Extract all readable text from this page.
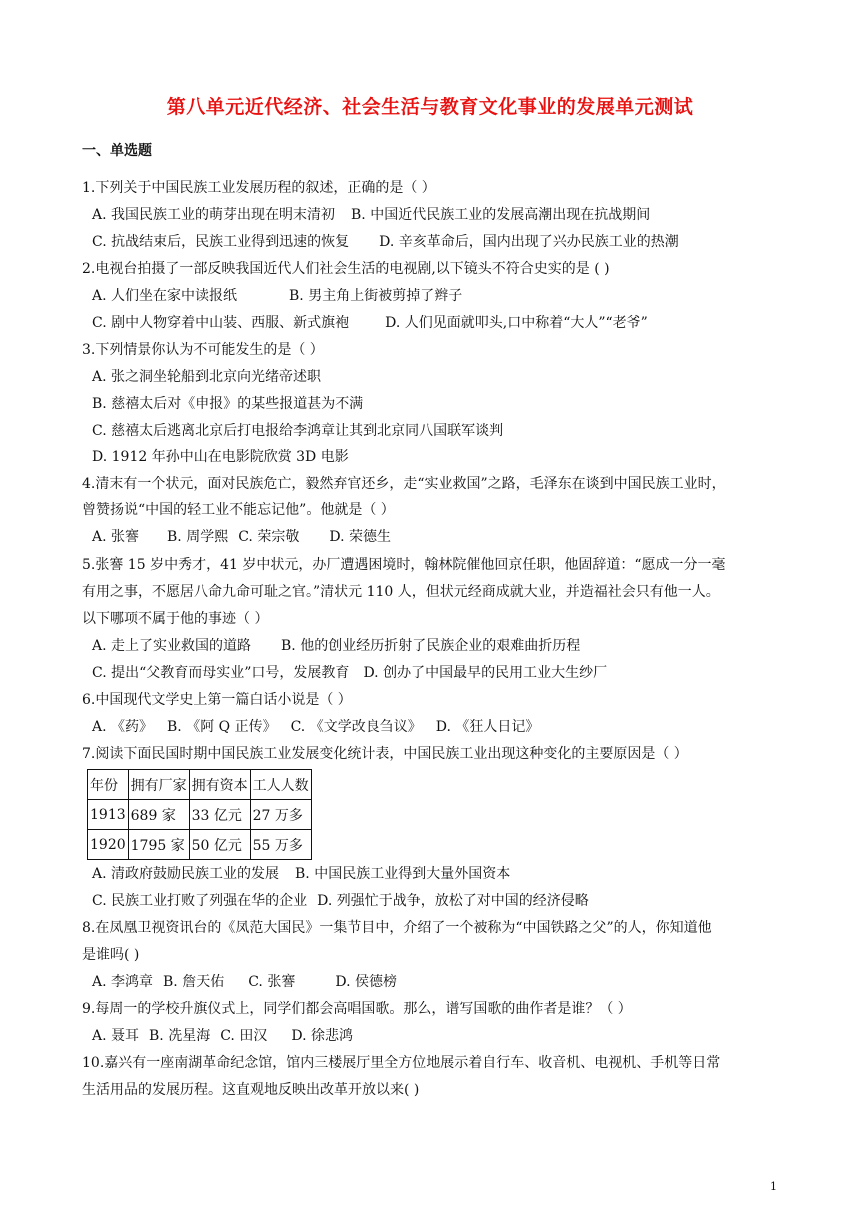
第八单元近代经济、社会生活与教育文化事业的发展单元测试
一、单选题
1.下列关于中国民族工业发展历程的叙述，正确的是（ ）
A. 我国民族工业的萌芽出现在明末清初 B. 中国近代民族工业的发展高潮出现在抗战期间
C. 抗战结束后，民族工业得到迅速的恢复 D. 辛亥革命后，国内出现了兴办民族工业的热潮
2.电视台拍摄了一部反映我国近代人们社会生活的电视剧,以下镜头不符合史实的是 ( )
A. 人们坐在家中读报纸	B. 男主角上街被剪掉了辫子
C. 剧中人物穿着中山装、西服、新式旗袍	D. 人们见面就叩头,口中称着“大人”“老爷”
3.下列情景你认为不可能发生的是（ ）
A. 张之洞坐轮船到北京向光绪帝述职
B. 慈禧太后对《申报》的某些报道甚为不满
C. 慈禧太后逃离北京后打电报给李鸿章让其到北京同八国联军谈判
D. 1912 年孙中山在电影院欣赏 3D 电影
4.清末有一个状元，面对民族危亡，毅然弃官还乡，走“实业救国”之路，毛泽东在谈到中国民族工业时，
曾赞扬说“中国的轻工业不能忘记他”。他就是（ ）
A. 张謇 B. 周学熙 C. 荣宗敬 D. 荣德生
5.张謇 15 岁中秀才，41 岁中状元，办厂遭遇困境时，翰林院催他回京任职，他固辞道：“愿成一分一毫
有用之事，不愿居八命九命可耻之官。”清状元 110 人，但状元经商成就大业，并造福社会只有他一人。
以下哪项不属于他的事迹（ ）
A. 走上了实业救国的道路 B. 他的创业经历折射了民族企业的艰难曲折历程
C. 提出“父教育而母实业”口号，发展教育 D. 创办了中国最早的民用工业大生纱厂
6.中国现代文学史上第一篇白话小说是（ ）
A. 《药》 B. 《阿 Q 正传》 C. 《文学改良刍议》 D. 《狂人日记》
7.阅读下面民国时期中国民族工业发展变化统计表，中国民族工业出现这种变化的主要原因是（ ）
年份	拥有厂家	拥有资本	工人人数
1913	689 家	33 亿元	27 万多
1920	1795 家	50 亿元	55 万多
A. 清政府鼓励民族工业的发展 B. 中国民族工业得到大量外国资本
C. 民族工业打败了列强在华的企业 D. 列强忙于战争，放松了对中国的经济侵略
8.在凤凰卫视资讯台的《凤范大国民》一集节目中，介绍了一个被称为“中国铁路之父”的人，你知道他
是谁吗( )
A. 李鸿章 B. 詹天佑 C. 张謇	D. 侯德榜
9.每周一的学校升旗仪式上，同学们都会高唱国歌。那么，谱写国歌的曲作者是谁？（ ）
A. 聂耳 B. 冼星海 C. 田汉 D. 徐悲鸿
10.嘉兴有一座南湖革命纪念馆，馆内三楼展厅里全方位地展示着自行车、收音机、电视机、手机等日常
生活用品的发展历程。这直观地反映出改革开放以来( )
1
